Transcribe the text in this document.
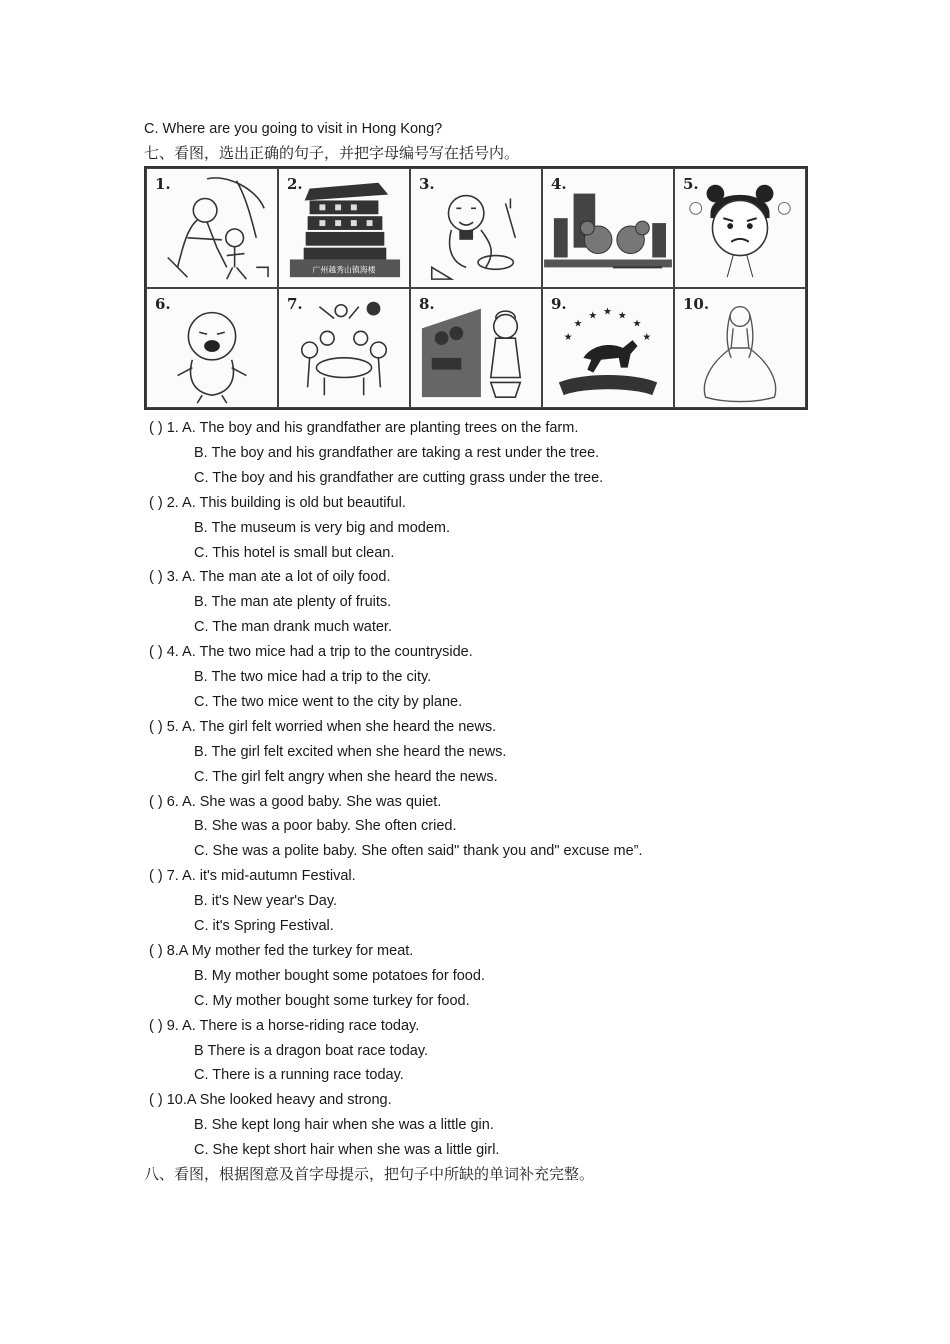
C. Where are you going to visit in Hong Kong?
七、看图，选出正确的句子，并把字母编号写在括号内。
1.	2.
广州越秀山镇海楼
3.	4.	5.
6.	7.	8.	9.
★
★ ★ ★
★
★	★
10.
( ) 1. A. The boy and his grandfather are planting trees on the farm.
B. The boy and his grandfather are taking a rest under the tree.
C. The boy and his grandfather are cutting grass under the tree.
( ) 2. A. This building is old but beautiful.
B. The museum is very big and modem.
C. This hotel is small but clean.
( ) 3. A. The man ate a lot of oily food.
B. The man ate plenty of fruits.
C. The man drank much water.
( ) 4. A. The two mice had a trip to the countryside.
B. The two mice had a trip to the city.
C. The two mice went to the city by plane.
( ) 5. A. The girl felt worried when she heard the news.
B. The girl felt excited when she heard the news.
C. The girl felt angry when she heard the news.
( ) 6. A. She was a good baby. She was quiet.
B. She was a poor baby. She often cried.
C. She was a polite baby. She often said" thank you and" excuse me”.
( ) 7. A. it's mid-autumn Festival.
B. it's New year's Day.
C. it's Spring Festival.
( ) 8.A My mother fed the turkey for meat.
B. My mother bought some potatoes for food.
C. My mother bought some turkey for food.
( ) 9. A. There is a horse-riding race today.
B There is a dragon boat race today.
C. There is a running race today.
( ) 10.A She looked heavy and strong.
B. She kept long hair when she was a little gin.
C. She kept short hair when she was a little girl.
八、看图，根据图意及首字母提示，把句子中所缺的单词补充完整。
